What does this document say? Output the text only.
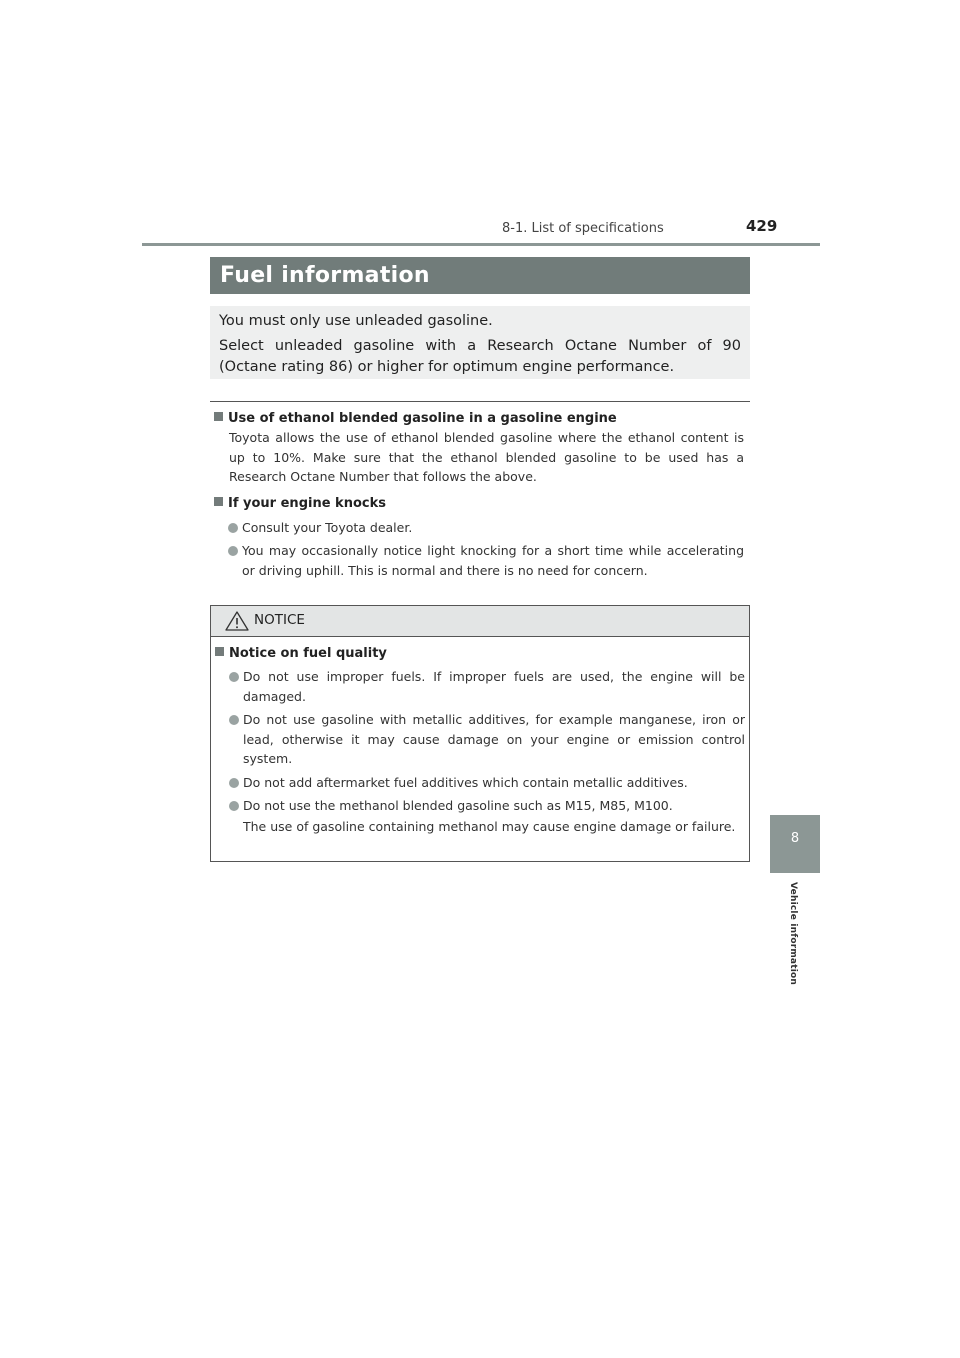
8-1. List of specifications	429
8
Vehicle information
Fuel information

You must only use unleaded gasoline.

Select unleaded gasoline with a Research Octane Number of 90 (Octane rating 86) or higher for optimum engine performance.

Use of ethanol blended gasoline in a gasoline engine

Toyota allows the use of ethanol blended gasoline where the ethanol content is up to 10%. Make sure that the ethanol blended gasoline to be used has a Research Octane Number that follows the above.

If your engine knocks
Consult your Toyota dealer.
You may occasionally notice light knocking for a short time while accelerating or driving uphill. This is normal and there is no need for concern.
NOTICE
Notice on fuel quality
Do not use improper fuels. If improper fuels are used, the engine will be damaged.
Do not use gasoline with metallic additives, for example manganese, iron or lead, otherwise it may cause damage on your engine or emission control system.
Do not add aftermarket fuel additives which contain metallic additives.
Do not use the methanol blended gasoline such as M15, M85, M100.
The use of gasoline containing methanol may cause engine damage or failure.
